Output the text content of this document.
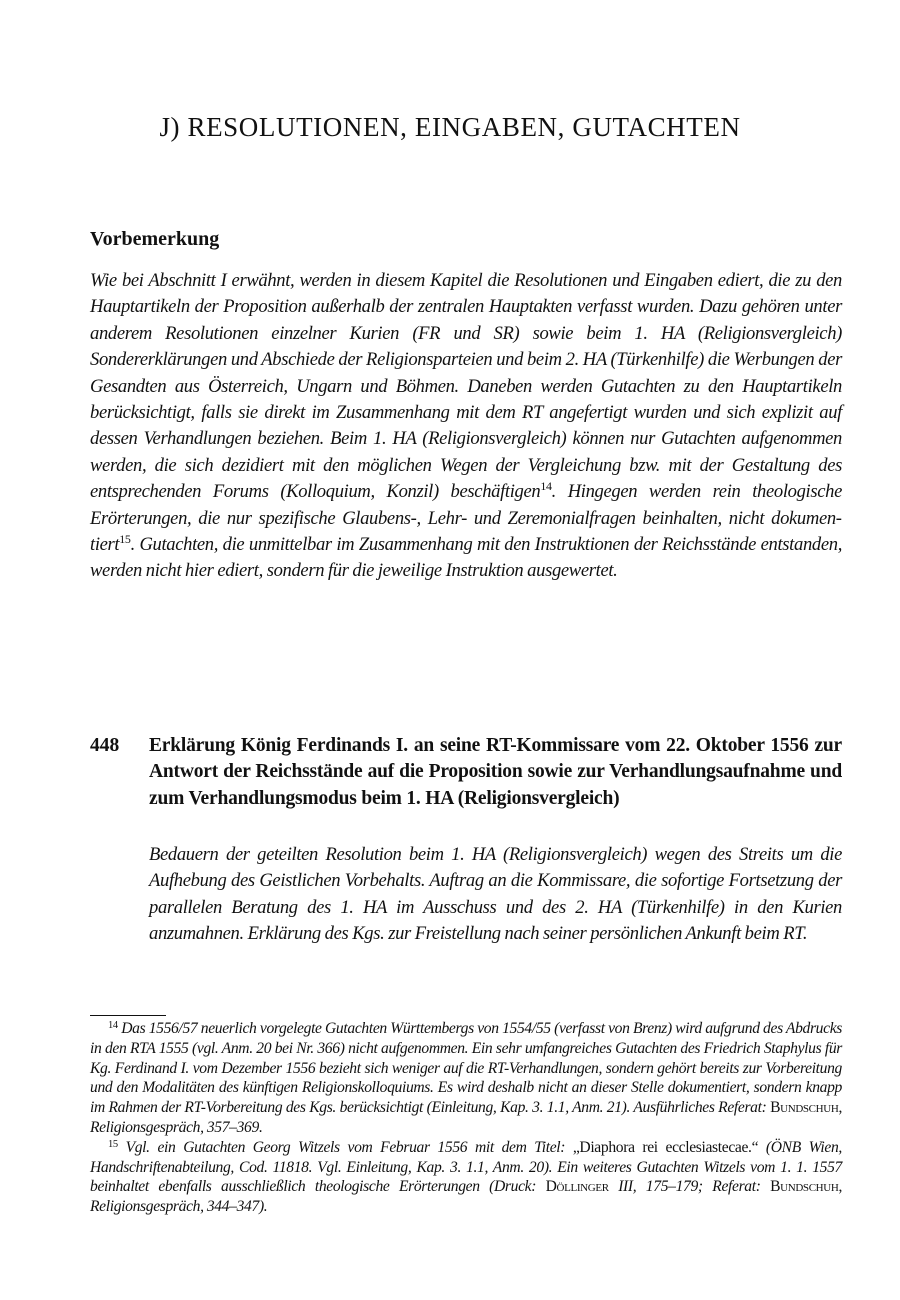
J) RESOLUTIONEN, EINGABEN, GUTACHTEN
Vorbemerkung
Wie bei Abschnitt I erwähnt, werden in diesem Kapitel die Resolutionen und Eingaben ediert, die zu den Hauptartikeln der Proposition außerhalb der zentralen Hauptakten verfasst wurden. Dazu gehören unter anderem Resolutionen einzelner Kurien (FR und SR) sowie beim 1. HA (Religionsvergleich) Sondererklärungen und Abschiede der Religionsparteien und beim 2. HA (Türkenhilfe) die Werbungen der Gesandten aus Österreich, Ungarn und Böhmen. Daneben werden Gutachten zu den Hauptartikeln berücksichtigt, falls sie direkt im Zusammenhang mit dem RT angefertigt wurden und sich explizit auf dessen Verhandlungen beziehen. Beim 1. HA (Religionsvergleich) können nur Gutachten aufgenommen werden, die sich dezidiert mit den möglichen Wegen der Vergleichung bzw. mit der Gestaltung des entsprechenden Forums (Kolloquium, Konzil) beschäftigen$^{14}$. Hingegen werden rein theologische Erörterungen, die nur spezifische Glaubens-, Lehr- und Zeremonialfragen beinhalten, nicht dokumentiert$^{15}$. Gutachten, die unmittelbar im Zusammenhang mit den Instruktionen der Reichsstände entstanden, werden nicht hier ediert, sondern für die jeweilige Instruktion ausgewertet.
448 Erklärung König Ferdinands I. an seine RT-Kommissare vom 22. Oktober 1556 zur Antwort der Reichsstände auf die Proposition sowie zur Verhandlungsaufnahme und zum Verhandlungsmodus beim 1. HA (Religionsvergleich)
Bedauern der geteilten Resolution beim 1. HA (Religionsvergleich) wegen des Streits um die Aufhebung des Geistlichen Vorbehalts. Auftrag an die Kommissare, die sofortige Fortsetzung der parallelen Beratung des 1. HA im Ausschuss und des 2. HA (Türkenhilfe) in den Kurien anzumahnen. Erklärung des Kgs. zur Freistellung nach seiner persönlichen Ankunft beim RT.

$^{14}$ Das 1556/57 neuerlich vorgelegte Gutachten Württembergs von 1554/55 (verfasst von Brenz) wird aufgrund des Abdrucks in den RTA 1555 (vgl. Anm. 20 bei Nr. 366) nicht aufgenommen. Ein sehr umfangreiches Gutachten des Friedrich Staphylus für Kg. Ferdinand I. vom Dezember 1556 bezieht sich weniger auf die RT-Verhandlungen, sondern gehört bereits zur Vorbereitung und den Modalitäten des künftigen Religionskolloquiums. Es wird deshalb nicht an dieser Stelle dokumentiert, sondern knapp im Rahmen der RT-Vorbereitung des Kgs. berücksichtigt (Einleitung, Kap. 3. 1.1, Anm. 21). Ausführliches Referat: Bundschuh, Religionsgespräch, 357–369.

$^{15}$ Vgl. ein Gutachten Georg Witzels vom Februar 1556 mit dem Titel: „Diaphora rei ecclesiastecae.“ (ÖNB Wien, Handschriftenabteilung, Cod. 11818. Vgl. Einleitung, Kap. 3. 1.1, Anm. 20). Ein weiteres Gutachten Witzels vom 1. 1. 1557 beinhaltet ebenfalls ausschließlich theologische Erörterungen (Druck: Döllinger III, 175–179; Referat: Bundschuh, Religionsgespräch, 344–347).
